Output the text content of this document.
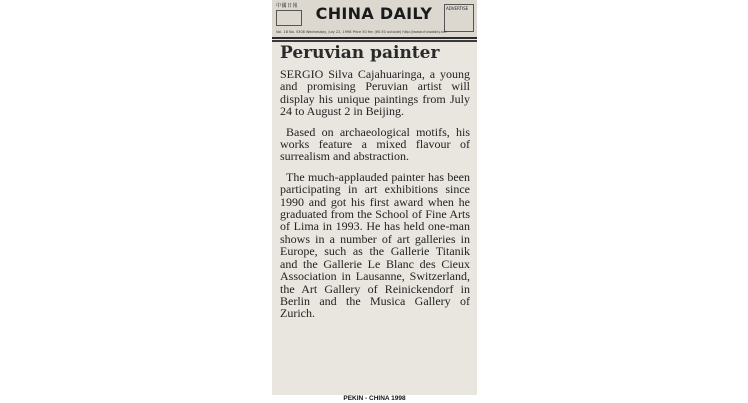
中國日報	CHINA DAILY	ADVERTISE
Vol. 18 No. 5308 Wednesday, July 22, 1998 Price 50 fen (¥0.50 outside) http://www.chinadaily.net
Peruvian painter

SERGIO Silva Cajahuaringa, a young and promising Peruvian artist will display his unique paintings from July 24 to August 2 in Beijing.

Based on archaeological motifs, his works feature a mixed flavour of surrealism and abstraction.

The much-applauded painter has been participating in art exhibitions since 1990 and got his first award when he graduated from the School of Fine Arts of Lima in 1993. He has held one-man shows in a number of art galleries in Europe, such as the Gallerie Titanik and the Gallerie Le Blanc des Cieux Association in Lausanne, Switzerland, the Art Gallery of Reinickendorf in Berlin and the Musica Gallery of Zurich.

PEKIN - CHINA 1998
